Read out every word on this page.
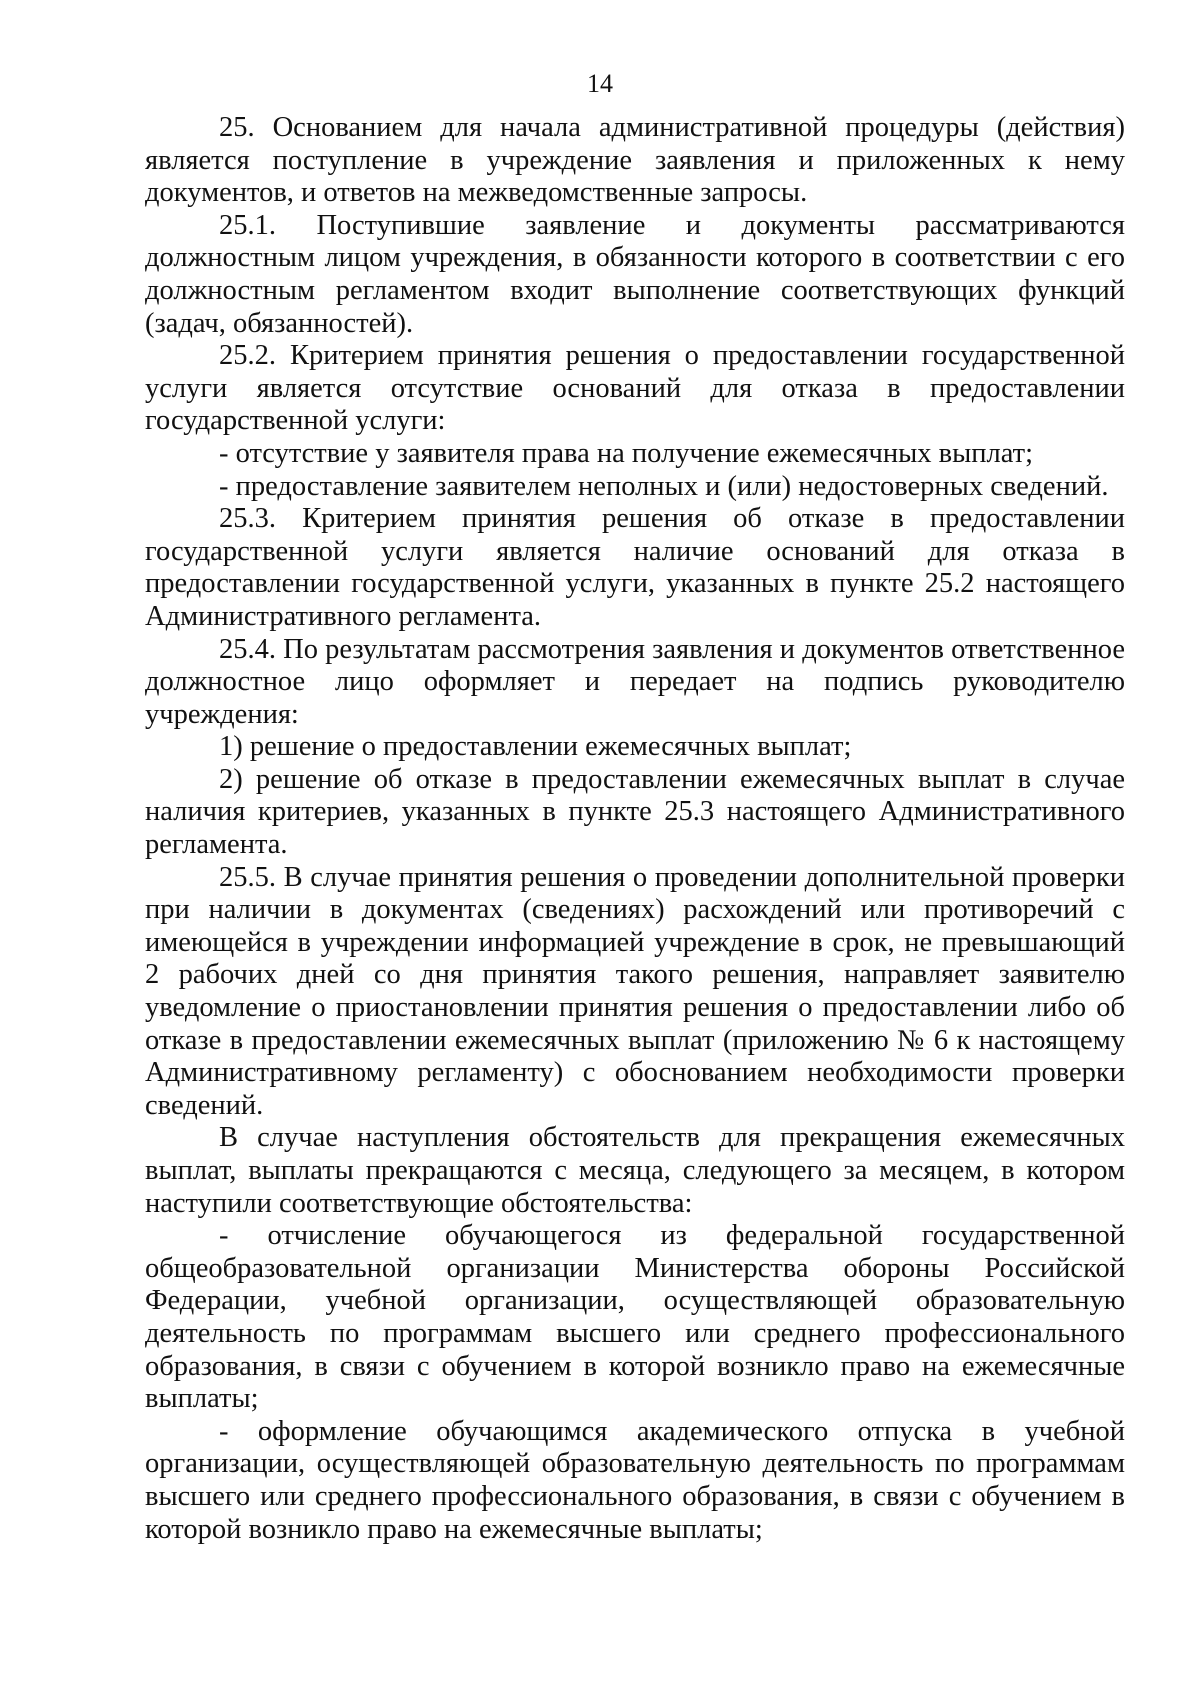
14

25. Основанием для начала административной процедуры (действия) является поступление в учреждение заявления и приложенных к нему документов, и ответов на межведомственные запросы.

25.1. Поступившие заявление и документы рассматриваются должностным лицом учреждения, в обязанности которого в соответствии с его должностным регламентом входит выполнение соответствующих функций (задач, обязанностей).

25.2. Критерием принятия решения о предоставлении государственной услуги является отсутствие оснований для отказа в предоставлении государственной услуги:

- отсутствие у заявителя права на получение ежемесячных выплат;

- предоставление заявителем неполных и (или) недостоверных сведений.

25.3. Критерием принятия решения об отказе в предоставлении государственной услуги является наличие оснований для отказа в предоставлении государственной услуги, указанных в пункте 25.2 настоящего Административного регламента.

25.4. По результатам рассмотрения заявления и документов ответственное должностное лицо оформляет и передает на подпись руководителю учреждения:

1) решение о предоставлении ежемесячных выплат;

2) решение об отказе в предоставлении ежемесячных выплат в случае наличия критериев, указанных в пункте 25.3 настоящего Административного регламента.

25.5. В случае принятия решения о проведении дополнительной проверки при наличии в документах (сведениях) расхождений или противоречий с имеющейся в учреждении информацией учреждение в срок, не превышающий 2 рабочих дней со дня принятия такого решения, направляет заявителю уведомление о приостановлении принятия решения о предоставлении либо об отказе в предоставлении ежемесячных выплат (приложению № 6 к настоящему Административному регламенту) с обоснованием необходимости проверки сведений.

В случае наступления обстоятельств для прекращения ежемесячных выплат, выплаты прекращаются с месяца, следующего за месяцем, в котором наступили соответствующие обстоятельства:

- отчисление обучающегося из федеральной государственной общеобразовательной организации Министерства обороны Российской Федерации, учебной организации, осуществляющей образовательную деятельность по программам высшего или среднего профессионального образования, в связи с обучением в которой возникло право на ежемесячные выплаты;

- оформление обучающимся академического отпуска в учебной организации, осуществляющей образовательную деятельность по программам высшего или среднего профессионального образования, в связи с обучением в которой возникло право на ежемесячные выплаты;
